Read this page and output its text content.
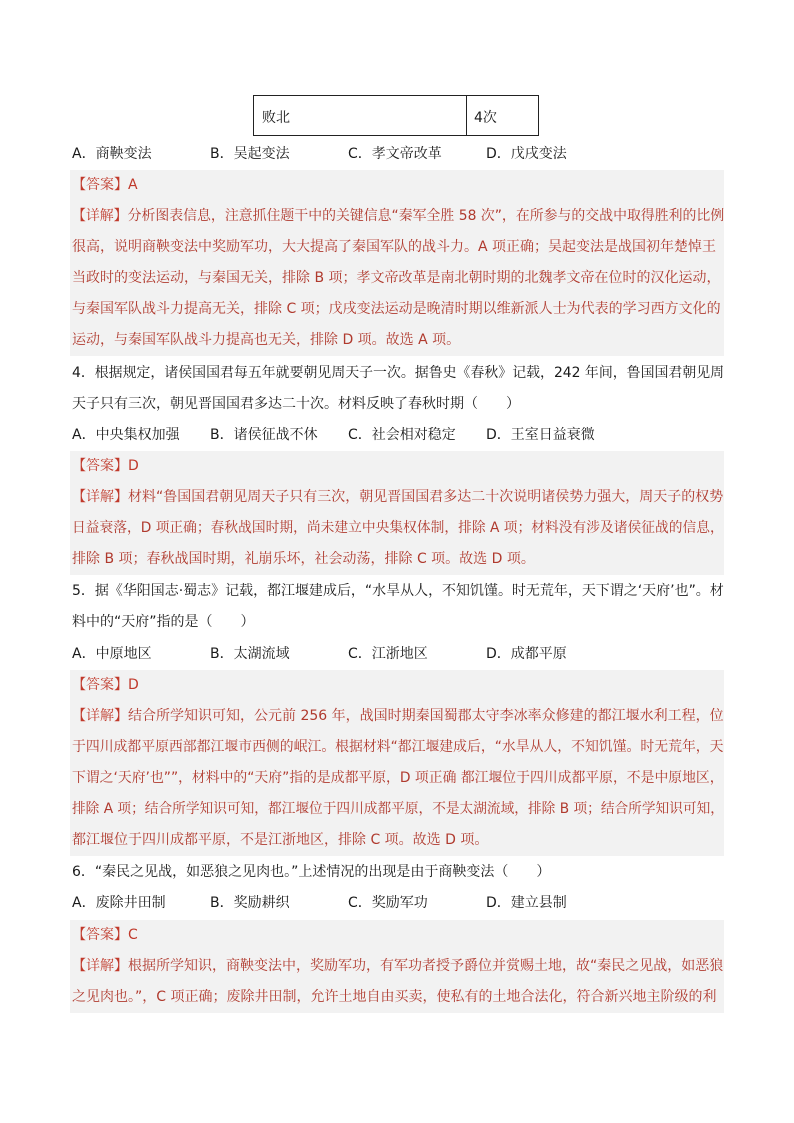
败北	4次
A．商鞅变法	B．吴起变法	C．孝文帝改革	D．戊戌变法
【答案】A
【详解】分析图表信息，注意抓住题干中的关键信息“秦军全胜 58 次”，在所参与的交战中取得胜利的比例
很高，说明商鞅变法中奖励军功，大大提高了秦国军队的战斗力。A 项正确；吴起变法是战国初年楚悼王
当政时的变法运动，与秦国无关，排除 B 项；孝文帝改革是南北朝时期的北魏孝文帝在位时的汉化运动，
与秦国军队战斗力提高无关，排除 C 项；戊戌变法运动是晚清时期以维新派人士为代表的学习西方文化的
运动，与秦国军队战斗力提高也无关，排除 D 项。故选 A 项。
4．根据规定，诸侯国国君每五年就要朝见周天子一次。据鲁史《春秋》记载，242 年间，鲁国国君朝见周
天子只有三次，朝见晋国国君多达二十次。材料反映了春秋时期（　　）
A．中央集权加强	B．诸侯征战不休	C．社会相对稳定	D．王室日益衰微
【答案】D
【详解】材料“鲁国国君朝见周天子只有三次，朝见晋国国君多达二十次说明诸侯势力强大，周天子的权势
日益衰落，D 项正确；春秋战国时期，尚未建立中央集权体制，排除 A 项；材料没有涉及诸侯征战的信息，
排除 B 项；春秋战国时期，礼崩乐坏，社会动荡，排除 C 项。故选 D 项。
5．据《华阳国志·蜀志》记载，都江堰建成后，“水旱从人，不知饥馑。时无荒年，天下谓之‘天府’也”。材
料中的“天府”指的是（　　）
A．中原地区	B．太湖流域	C．江浙地区	D．成都平原
【答案】D
【详解】结合所学知识可知，公元前 256 年，战国时期秦国蜀郡太守李冰率众修建的都江堰水利工程，位
于四川成都平原西部都江堰市西侧的岷江。根据材料“都江堰建成后，“水旱从人，不知饥馑。时无荒年，天
下谓之‘天府’也””，材料中的“天府”指的是成都平原，D 项正确 都江堰位于四川成都平原，不是中原地区，
排除 A 项；结合所学知识可知，都江堰位于四川成都平原，不是太湖流域，排除 B 项；结合所学知识可知，
都江堰位于四川成都平原，不是江浙地区，排除 C 项。故选 D 项。
6．“秦民之见战，如恶狼之见肉也。”上述情况的出现是由于商鞅变法（　　）
A．废除井田制	B．奖励耕织	C．奖励军功	D．建立县制
【答案】C
【详解】根据所学知识，商鞅变法中，奖励军功，有军功者授予爵位并赏赐土地，故“秦民之见战，如恶狼
之见肉也。”，C 项正确；废除井田制，允许土地自由买卖，使私有的土地合法化，符合新兴地主阶级的利
